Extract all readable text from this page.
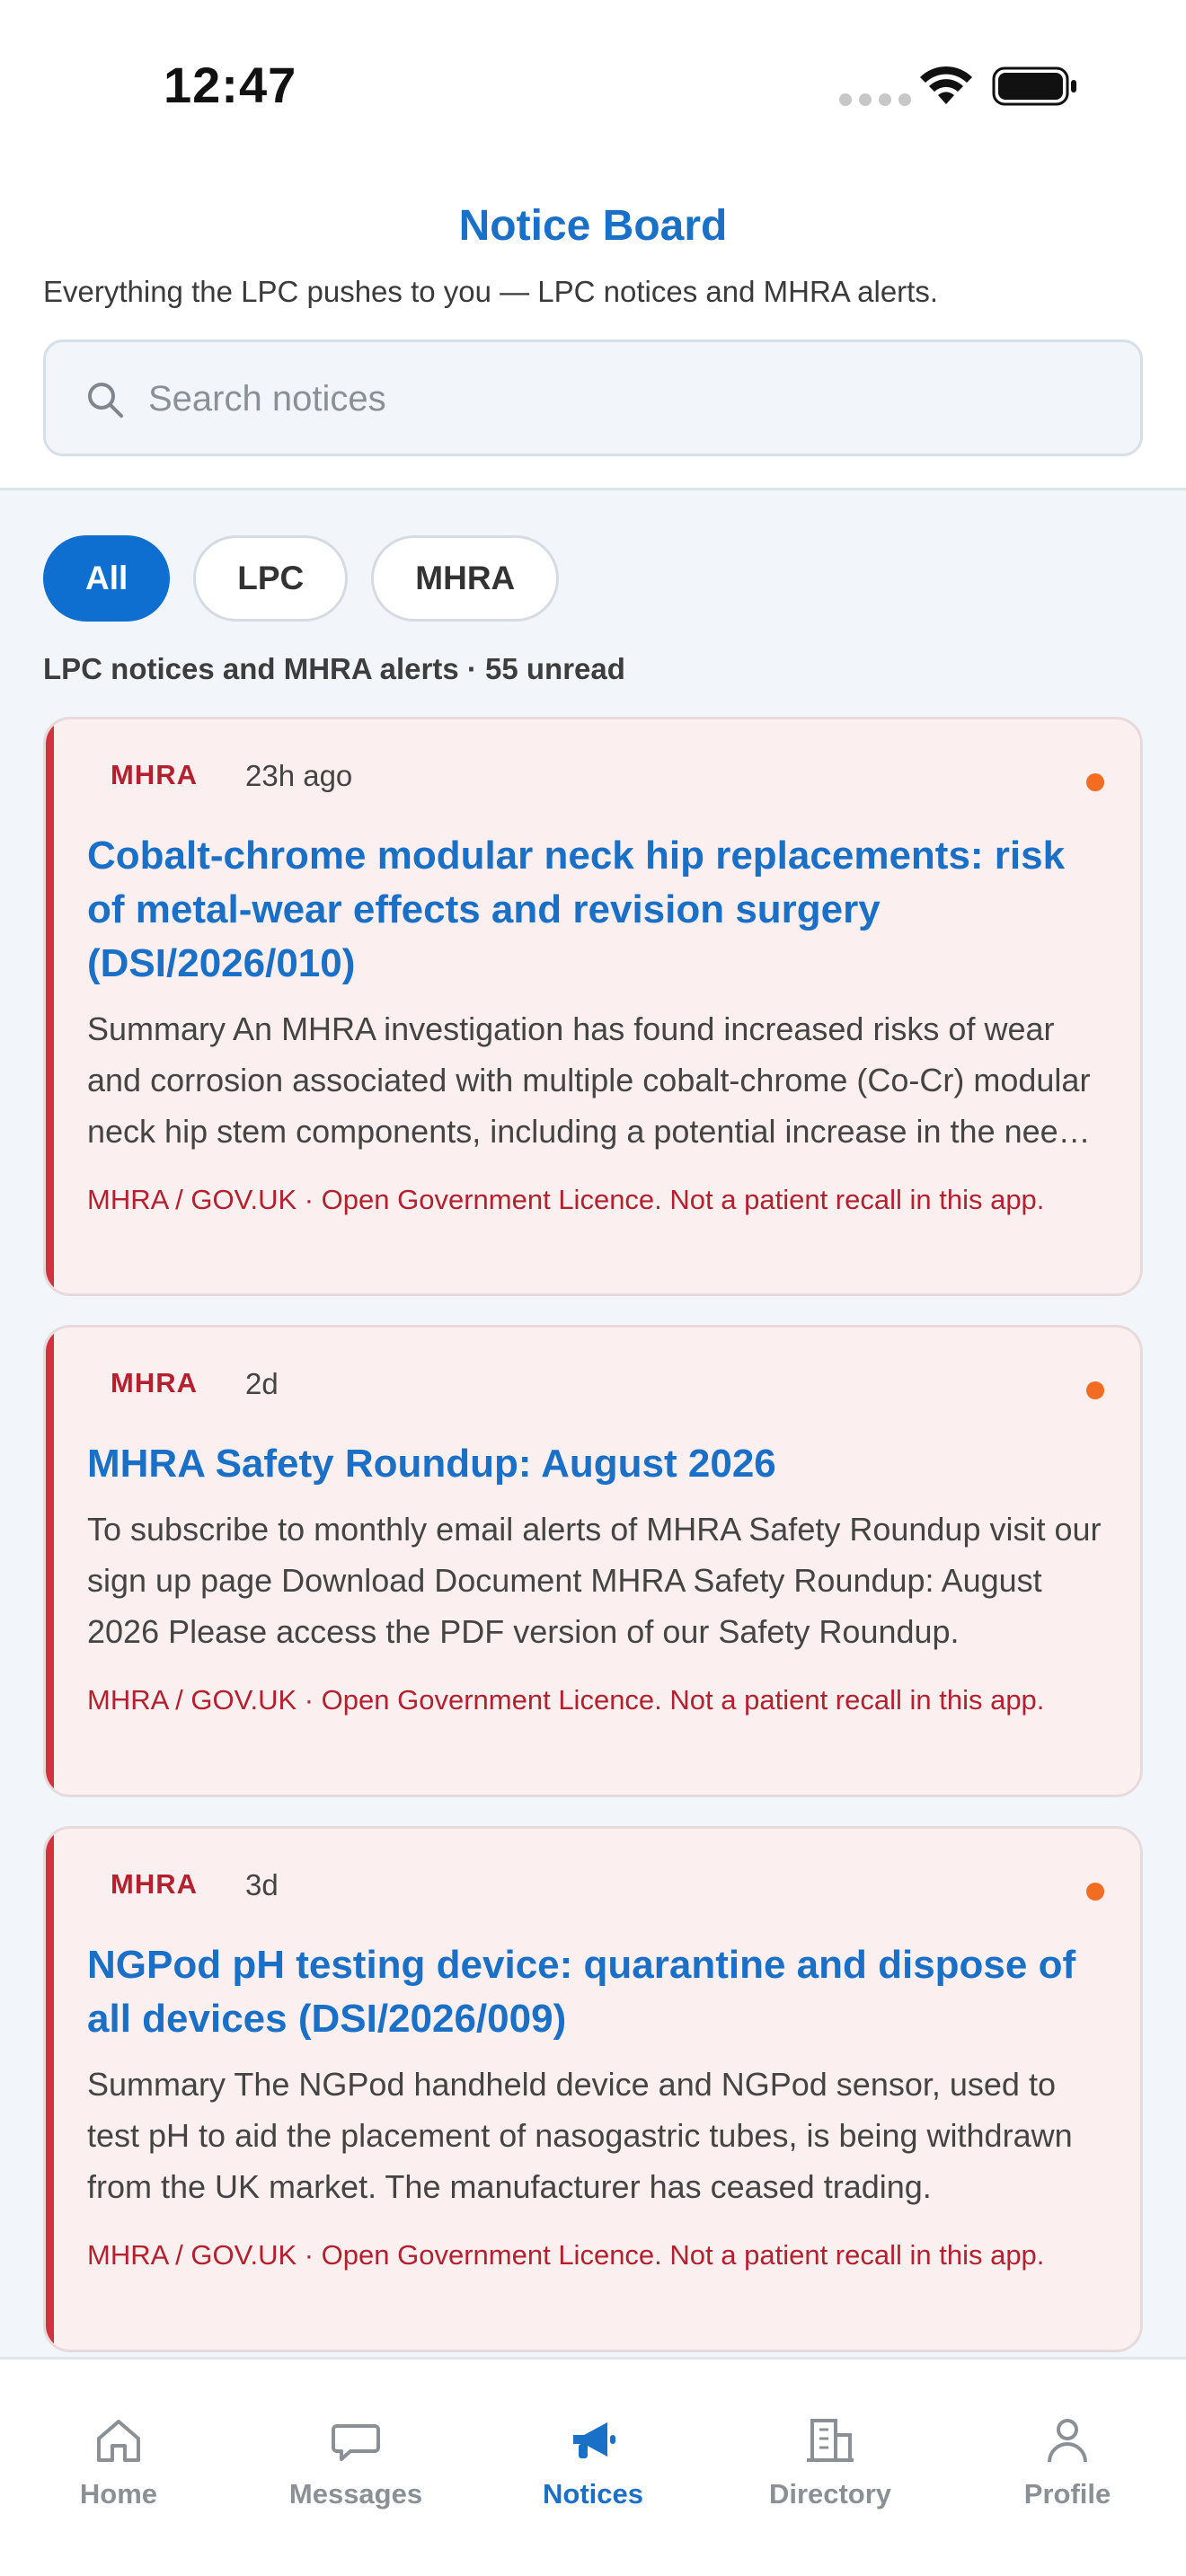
12:47
Notice Board
Everything the LPC pushes to you — LPC notices and MHRA alerts.
Search notices
All	LPC	MHRA
LPC notices and MHRA alerts · 55 unread
MHRA 23h ago
Cobalt-chrome modular neck hip replacements: risk of metal-wear effects and revision surgery (DSI/2026/010)
Summary An MHRA investigation has found increased risks of wear and corrosion associated with multiple cobalt-chrome (Co-Cr) modular neck hip stem components, including a potential increase in the need
MHRA / GOV.UK · Open Government Licence. Not a patient recall in this app.
MHRA 2d
MHRA Safety Roundup: August 2026
To subscribe to monthly email alerts of MHRA Safety Roundup visit our sign up page Download Document MHRA Safety Roundup: August 2026 Please access the PDF version of our Safety Roundup.
MHRA / GOV.UK · Open Government Licence. Not a patient recall in this app.
MHRA 3d
NGPod pH testing device: quarantine and dispose of all devices (DSI/2026/009)
Summary The NGPod handheld device and NGPod sensor, used to test pH to aid the placement of nasogastric tubes, is being withdrawn from the UK market. The manufacturer has ceased trading.
MHRA / GOV.UK · Open Government Licence. Not a patient recall in this app.
Home	Messages	Notices	Directory	Profile
